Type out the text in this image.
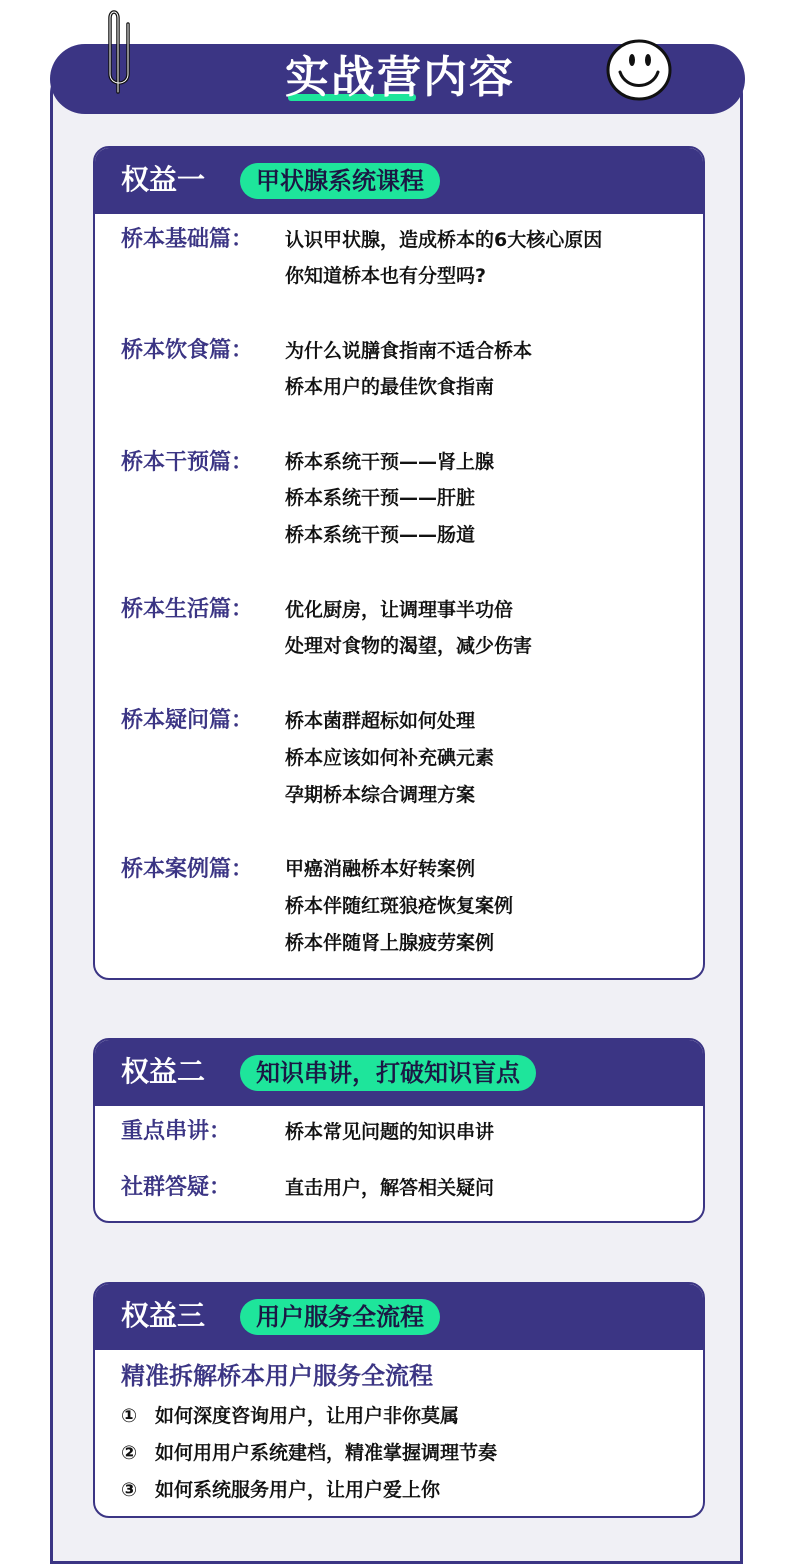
实战营内容
权益一	甲状腺系统课程
桥本基础篇： 认识甲状腺，造成桥本的6大核心原因
你知道桥本也有分型吗?
桥本饮食篇： 为什么说膳食指南不适合桥本
桥本用户的最佳饮食指南
桥本干预篇： 桥本系统干预——肾上腺
桥本系统干预——肝脏
桥本系统干预——肠道
桥本生活篇： 优化厨房，让调理事半功倍
处理对食物的渴望，减少伤害
桥本疑问篇： 桥本菌群超标如何处理
桥本应该如何补充碘元素
孕期桥本综合调理方案
桥本案例篇： 甲癌消融桥本好转案例
桥本伴随红斑狼疮恢复案例
桥本伴随肾上腺疲劳案例
权益二	知识串讲，打破知识盲点
重点串讲：	桥本常见问题的知识串讲
社群答疑：	直击用户，解答相关疑问
权益三	用户服务全流程
精准拆解桥本用户服务全流程
① 如何深度咨询用户，让用户非你莫属
② 如何用用户系统建档，精准掌握调理节奏
③ 如何系统服务用户，让用户爱上你
